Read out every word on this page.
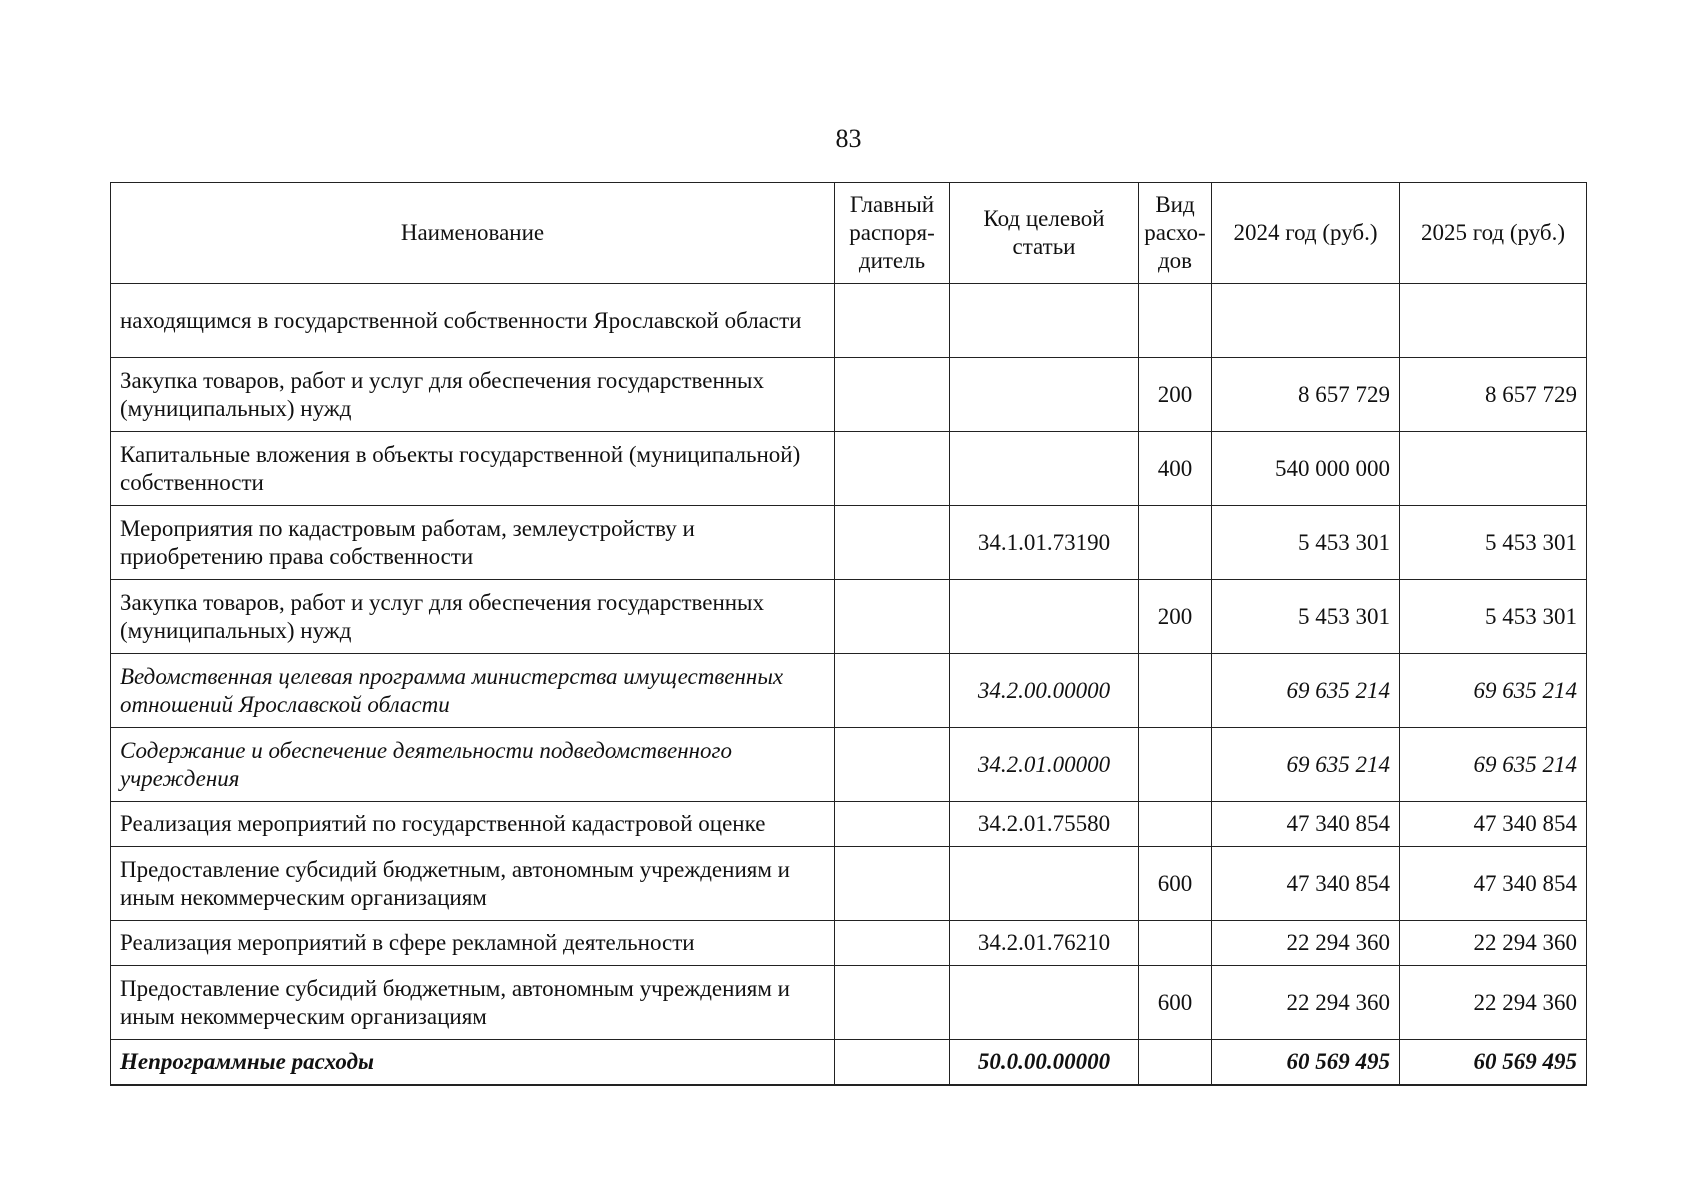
83
Наименование	Главный распоря-дитель	Код целевой статьи	Вид расхо-дов	2024 год (руб.)	2025 год (руб.)
находящимся в государственной собственности Ярославской области					
Закупка товаров, работ и услуг для обеспечения государственных (муниципальных) нужд			200	8 657 729	8 657 729
Капитальные вложения в объекты государственной (муниципальной) собственности			400	540 000 000	
Мероприятия по кадастровым работам, землеустройству и приобретению права собственности		34.1.01.73190		5 453 301	5 453 301
Закупка товаров, работ и услуг для обеспечения государственных (муниципальных) нужд			200	5 453 301	5 453 301
Ведомственная целевая программа министерства имущественных отношений Ярославской области		34.2.00.00000		69 635 214	69 635 214
Содержание и обеспечение деятельности подведомственного учреждения		34.2.01.00000		69 635 214	69 635 214
Реализация мероприятий по государственной кадастровой оценке		34.2.01.75580		47 340 854	47 340 854
Предоставление субсидий бюджетным, автономным учреждениям и иным некоммерческим организациям			600	47 340 854	47 340 854
Реализация мероприятий в сфере рекламной деятельности		34.2.01.76210		22 294 360	22 294 360
Предоставление субсидий бюджетным, автономным учреждениям и иным некоммерческим организациям			600	22 294 360	22 294 360
Непрограммные расходы		50.0.00.00000		60 569 495	60 569 495
